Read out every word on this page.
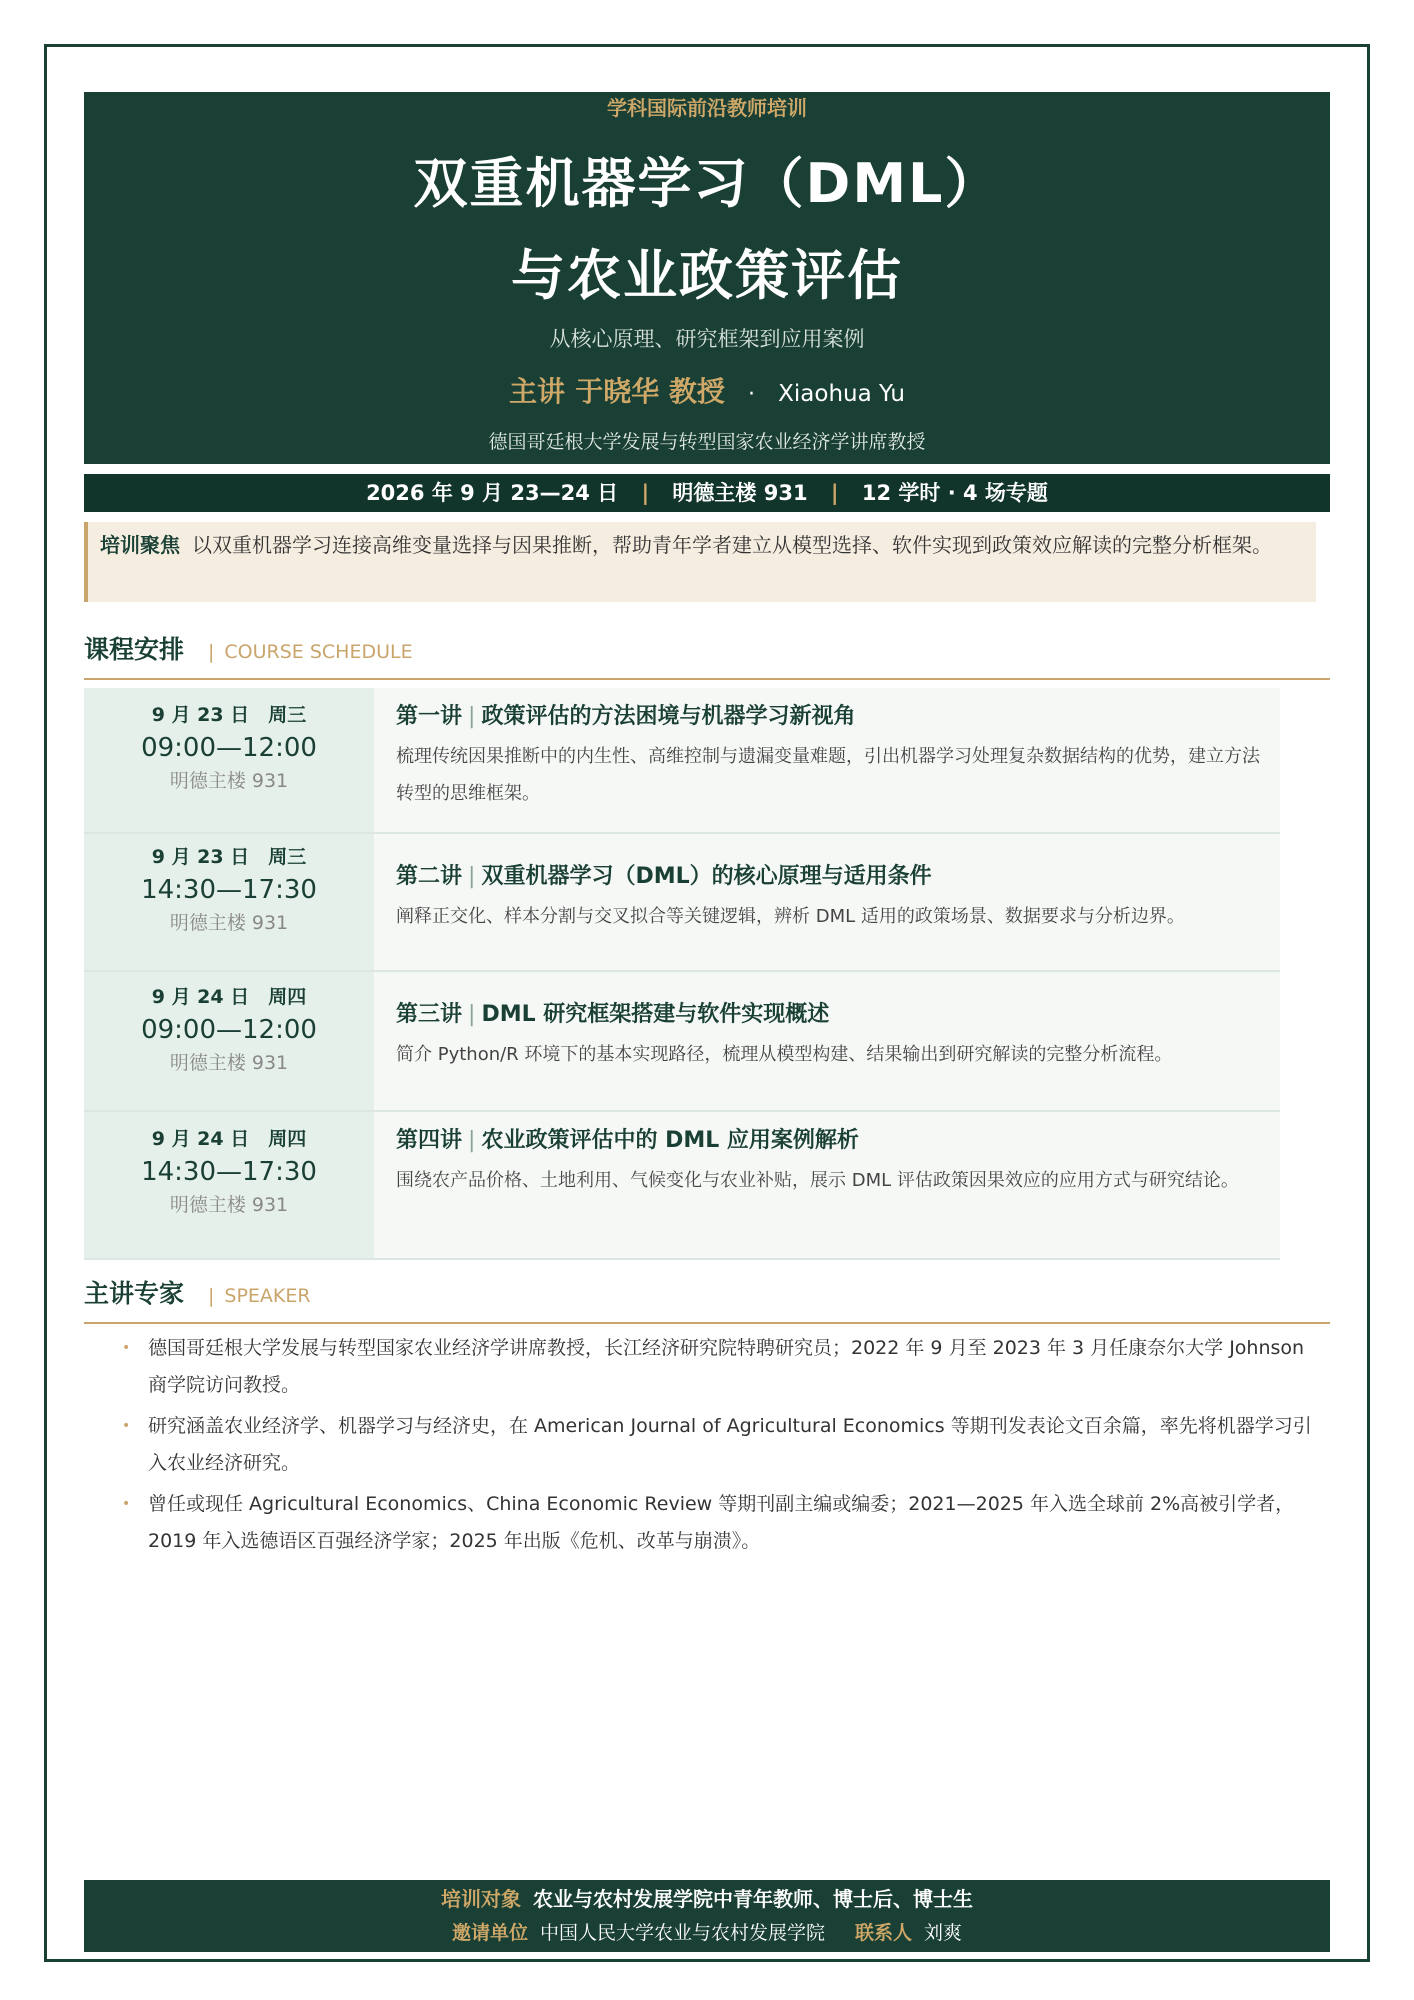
学科国际前沿教师培训
双重机器学习（DML）
与农业政策评估
从核心原理、研究框架到应用案例
主讲 于晓华 教授 · Xiaohua Yu
德国哥廷根大学发展与转型国家农业经济学讲席教授
2026 年 9 月 23—24 日 | 明德主楼 931 | 12 学时 · 4 场专题
培训聚焦 以双重机器学习连接高维变量选择与因果推断，帮助青年学者建立从模型选择、软件实现到政策效应解读的完整分析框架。
课程安排 | COURSE SCHEDULE
9 月 23 日　周三
09:00—12:00
明德主楼 931
第一讲 | 政策评估的方法困境与机器学习新视角
梳理传统因果推断中的内生性、高维控制与遗漏变量难题，引出机器学习处理复杂数据结构的优势，建立方法转型的思维框架。
9 月 23 日　周三
14:30—17:30
明德主楼 931
第二讲 | 双重机器学习（DML）的核心原理与适用条件
阐释正交化、样本分割与交叉拟合等关键逻辑，辨析 DML 适用的政策场景、数据要求与分析边界。
9 月 24 日　周四
09:00—12:00
明德主楼 931
第三讲 | DML 研究框架搭建与软件实现概述
简介 Python/R 环境下的基本实现路径，梳理从模型构建、结果输出到研究解读的完整分析流程。
9 月 24 日　周四
14:30—17:30
明德主楼 931
第四讲 | 农业政策评估中的 DML 应用案例解析
围绕农产品价格、土地利用、气候变化与农业补贴，展示 DML 评估政策因果效应的应用方式与研究结论。
主讲专家 | SPEAKER
• 德国哥廷根大学发展与转型国家农业经济学讲席教授，长江经济研究院特聘研究员；2022 年 9 月至 2023 年 3 月任康奈尔大学 Johnson 商学院访问教授。
• 研究涵盖农业经济学、机器学习与经济史，在 American Journal of Agricultural Economics 等期刊发表论文百余篇，率先将机器学习引入农业经济研究。
• 曾任或现任 Agricultural Economics、China Economic Review 等期刊副主编或编委；2021—2025 年入选全球前 2%高被引学者，2019 年入选德语区百强经济学家；2025 年出版《危机、改革与崩溃》。
培训对象 农业与农村发展学院中青年教师、博士后、博士生
邀请单位 中国人民大学农业与农村发展学院 联系人 刘爽
